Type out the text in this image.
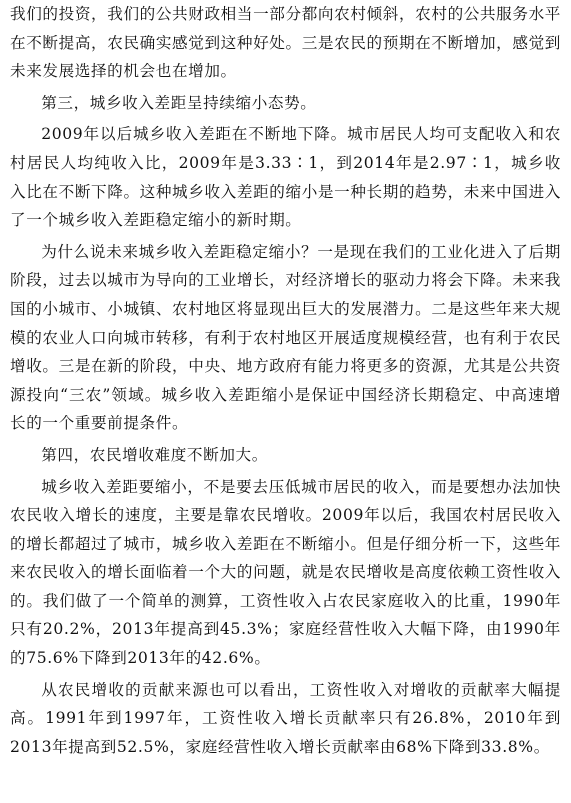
我们的投资，我们的公共财政相当一部分都向农村倾斜，农村的公共服务水平在不断提高，农民确实感觉到这种好处。三是农民的预期在不断增加，感觉到未来发展选择的机会也在增加。

第三，城乡收入差距呈持续缩小态势。

2009年以后城乡收入差距在不断地下降。城市居民人均可支配收入和农村居民人均纯收入比，2009年是3.33∶1，到2014年是2.97∶1，城乡收入比在不断下降。这种城乡收入差距的缩小是一种长期的趋势，未来中国进入了一个城乡收入差距稳定缩小的新时期。

为什么说未来城乡收入差距稳定缩小？一是现在我们的工业化进入了后期阶段，过去以城市为导向的工业增长，对经济增长的驱动力将会下降。未来我国的小城市、小城镇、农村地区将显现出巨大的发展潜力。二是这些年来大规模的农业人口向城市转移，有利于农村地区开展适度规模经营，也有利于农民增收。三是在新的阶段，中央、地方政府有能力将更多的资源，尤其是公共资源投向“三农”领域。城乡收入差距缩小是保证中国经济长期稳定、中高速增长的一个重要前提条件。

第四，农民增收难度不断加大。

城乡收入差距要缩小，不是要去压低城市居民的收入，而是要想办法加快农民收入增长的速度，主要是靠农民增收。2009年以后，我国农村居民收入的增长都超过了城市，城乡收入差距在不断缩小。但是仔细分析一下，这些年来农民收入的增长面临着一个大的问题，就是农民增收是高度依赖工资性收入的。我们做了一个简单的测算，工资性收入占农民家庭收入的比重，1990年只有20.2%，2013年提高到45.3%；家庭经营性收入大幅下降，由1990年的75.6%下降到2013年的42.6%。

从农民增收的贡献来源也可以看出，工资性收入对增收的贡献率大幅提高。1991年到1997年，工资性收入增长贡献率只有26.8%，2010年到2013年提高到52.5%，家庭经营性收入增长贡献率由68%下降到33.8%。
